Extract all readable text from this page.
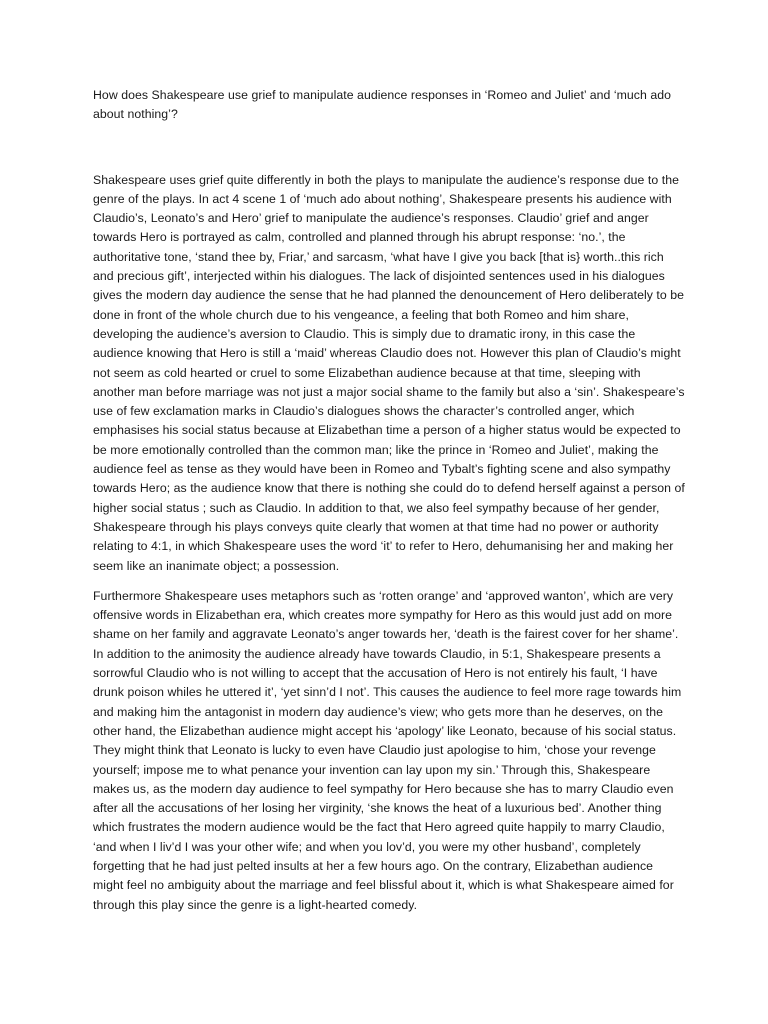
How does Shakespeare use grief to manipulate audience responses in ‘Romeo and Juliet’ and ‘much ado about nothing’?

Shakespeare uses grief quite differently in both the plays to manipulate the audience’s response due to the genre of the plays. In act 4 scene 1 of ‘much ado about nothing’, Shakespeare presents his audience with Claudio’s, Leonato’s and Hero’ grief to manipulate the audience’s responses. Claudio’ grief and anger towards Hero is portrayed as calm, controlled and planned through his abrupt response: ‘no.’, the authoritative tone, ‘stand thee by, Friar,’ and sarcasm, ‘what have I give you back [that is} worth..this rich and precious gift’, interjected within his dialogues. The lack of disjointed sentences used in his dialogues gives the modern day audience the sense that he had planned the denouncement of Hero deliberately to be done in front of the whole church due to his vengeance, a feeling that both Romeo and him share, developing the audience’s aversion to Claudio. This is simply due to dramatic irony, in this case the audience knowing that Hero is still a ‘maid’ whereas Claudio does not. However this plan of Claudio’s might not seem as cold hearted or cruel to some Elizabethan audience because at that time, sleeping with another man before marriage was not just a major social shame to the family but also a ‘sin’. Shakespeare’s use of few exclamation marks in Claudio’s dialogues shows the character’s controlled anger, which emphasises his social status because at Elizabethan time a person of a higher status would be expected to be more emotionally controlled than the common man; like the prince in ‘Romeo and Juliet’, making the audience feel as tense as they would have been in Romeo and Tybalt’s fighting scene and also sympathy towards Hero; as the audience know that there is nothing she could do to defend herself against a person of higher social status ; such as Claudio. In addition to that, we also feel sympathy because of her gender, Shakespeare through his plays conveys quite clearly that women at that time had no power or authority relating to 4:1, in which Shakespeare uses the word ‘it’ to refer to Hero, dehumanising her and making her seem like an inanimate object; a possession.

Furthermore Shakespeare uses metaphors such as ‘rotten orange’ and ‘approved wanton’, which are very offensive words in Elizabethan era, which creates more sympathy for Hero as this would just add on more shame on her family and aggravate Leonato’s anger towards her, ‘death is the fairest cover for her shame’. In addition to the animosity the audience already have towards Claudio, in 5:1, Shakespeare presents a sorrowful Claudio who is not willing to accept that the accusation of Hero is not entirely his fault, ‘I have drunk poison whiles he uttered it’, ‘yet sinn’d I not’. This causes the audience to feel more rage towards him and making him the antagonist in modern day audience’s view; who gets more than he deserves, on the other hand, the Elizabethan audience might accept his ‘apology’ like Leonato, because of his social status. They might think that Leonato is lucky to even have Claudio just apologise to him, ‘chose your revenge yourself; impose me to what penance your invention can lay upon my sin.’ Through this, Shakespeare makes us, as the modern day audience to feel sympathy for Hero because she has to marry Claudio even after all the accusations of her losing her virginity, ‘she knows the heat of a luxurious bed’. Another thing which frustrates the modern audience would be the fact that Hero agreed quite happily to marry Claudio, ‘and when I liv’d I was your other wife; and when you lov’d, you were my other husband’, completely forgetting that he had just pelted insults at her a few hours ago. On the contrary, Elizabethan audience might feel no ambiguity about the marriage and feel blissful about it, which is what Shakespeare aimed for through this play since the genre is a light-hearted comedy.
